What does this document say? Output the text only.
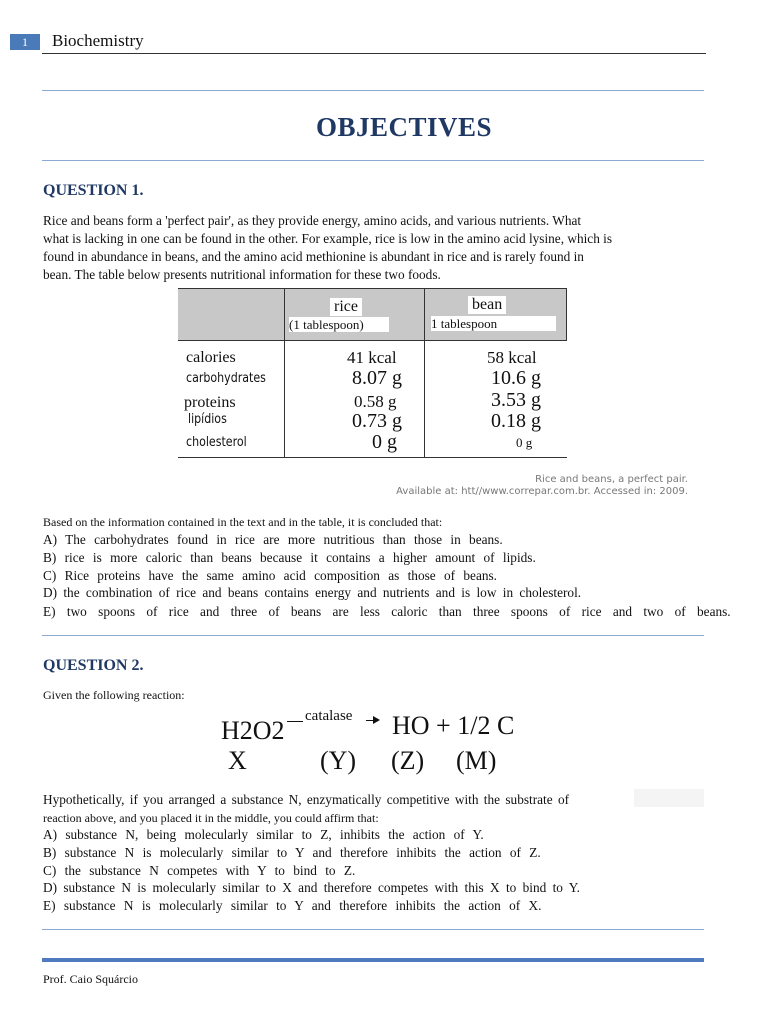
1	Biochemistry
OBJECTIVES
QUESTION 1.
Rice and beans form a 'perfect pair', as they provide energy, amino acids, and various nutrients. What
what is lacking in one can be found in the other. For example, rice is low in the amino acid lysine, which is
found in abundance in beans, and the amino acid methionine is abundant in rice and is rarely found in
bean. The table below presents nutritional information for these two foods.
rice
(1 tablespoon)
bean
1 tablespoon
calories
carbohydrates
proteins
lipídios
cholesterol
41 kcal
8.07 g
0.58 g
0.73 g
0 g
58 kcal
10.6 g
3.53 g
0.18 g
0 g
Rice and beans, a perfect pair.
Available at: htt//www.correpar.com.br. Accessed in: 2009.
Based on the information contained in the text and in the table, it is concluded that:
A) The carbohydrates found in rice are more nutritious than those in beans.
B) rice is more caloric than beans because it contains a higher amount of lipids.
C) Rice proteins have the same amino acid composition as those of beans.
D) the combination of rice and beans contains energy and nutrients and is low in cholesterol.
E) two spoons of rice and three of beans are less caloric than three spoons of rice and two of beans.
QUESTION 2.
Given the following reaction:
H2O2 catalase HO + 1/2 C
X	(Y) (Z) (M)
Hypothetically, if you arranged a substance N, enzymatically competitive with the substrate of
reaction above, and you placed it in the middle, you could affirm that:
A) substance N, being molecularly similar to Z, inhibits the action of Y.
B) substance N is molecularly similar to Y and therefore inhibits the action of Z.
C) the substance N competes with Y to bind to Z.
D) substance N is molecularly similar to X and therefore competes with this X to bind to Y.
E) substance N is molecularly similar to Y and therefore inhibits the action of X.
Prof. Caio Squárcio
